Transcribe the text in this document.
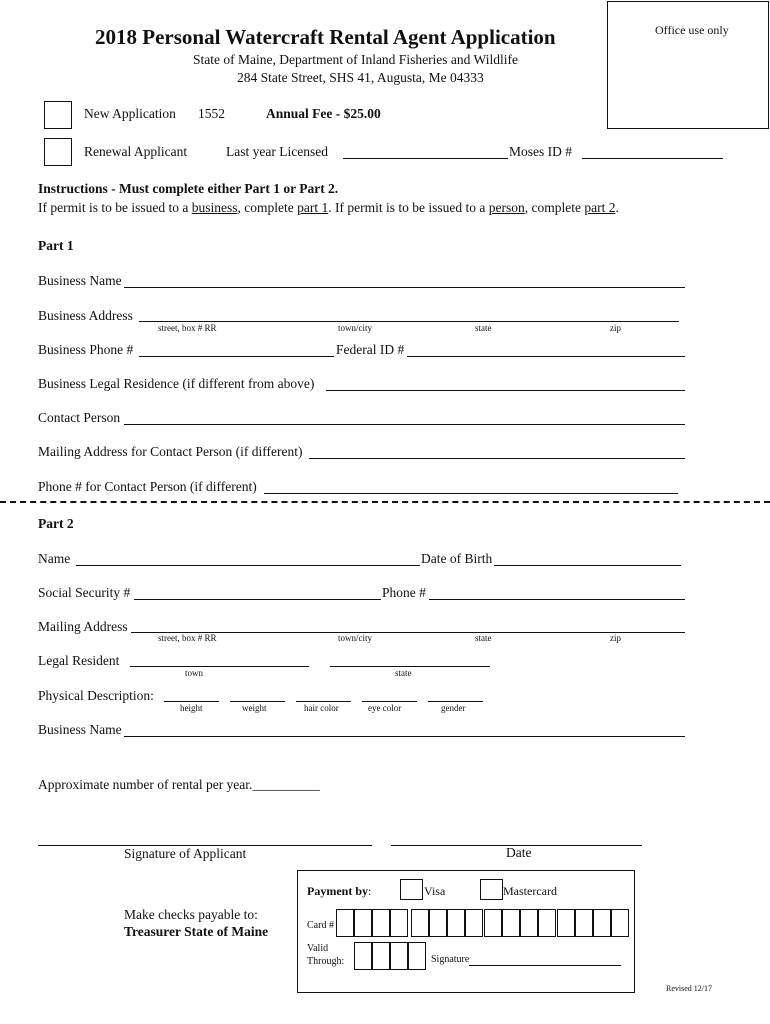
2018 Personal Watercraft Rental Agent Application
State of Maine, Department of Inland Fisheries and Wildlife
284 State Street, SHS 41, Augusta, Me 04333
Office use only
New Application 1552	Annual Fee - $25.00
Renewal Applicant	Last year Licensed	Moses ID #
Instructions - Must complete either Part 1 or Part 2.
If permit is to be issued to a business, complete part 1. If permit is to be issued to a person, complete part 2.
Part 1
Business Name
Business Address
street, box # RR	town/city	state	zip
Business Phone #	Federal ID #
Business Legal Residence (if different from above)
Contact Person
Mailing Address for Contact Person (if different)
Phone # for Contact Person (if different)
Part 2
Name	Date of Birth
Social Security #	Phone #
Mailing Address
street, box # RR	town/city	state	zip
Legal Resident
town	state
Physical Description:
height	weight	hair color	eye color	gender
Business Name
Approximate number of rental per year.__________
Signature of Applicant	Date
Make checks payable to:
Treasurer State of Maine
Payment by:	Visa	Mastercard
Card #
Valid
Through:	Signature
Revised 12/17
